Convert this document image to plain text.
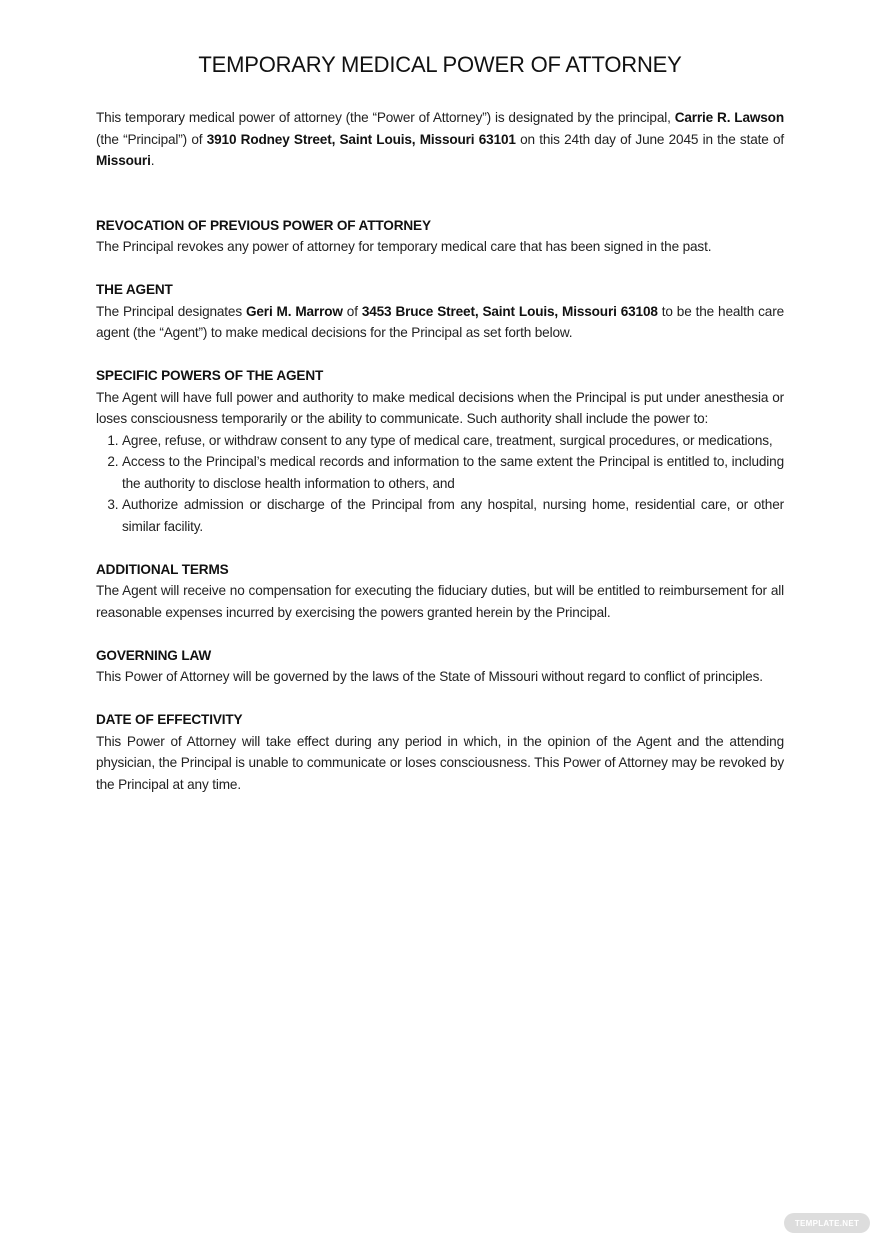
TEMPORARY MEDICAL POWER OF ATTORNEY

This temporary medical power of attorney (the “Power of Attorney”) is designated by the principal, Carrie R. Lawson (the “Principal”) of 3910 Rodney Street, Saint Louis, Missouri 63101 on this 24th day of June 2045 in the state of Missouri.

REVOCATION OF PREVIOUS POWER OF ATTORNEY

The Principal revokes any power of attorney for temporary medical care that has been signed in the past.

THE AGENT

The Principal designates Geri M. Marrow of 3453 Bruce Street, Saint Louis, Missouri 63108 to be the health care agent (the “Agent”) to make medical decisions for the Principal as set forth below.

SPECIFIC POWERS OF THE AGENT

The Agent will have full power and authority to make medical decisions when the Principal is put under anesthesia or loses consciousness temporarily or the ability to communicate. Such authority shall include the power to:

1. Agree, refuse, or withdraw consent to any type of medical care, treatment, surgical procedures, or medications,
2. Access to the Principal’s medical records and information to the same extent the Principal is entitled to, including the authority to disclose health information to others, and
3. Authorize admission or discharge of the Principal from any hospital, nursing home, residential care, or other similar facility.
ADDITIONAL TERMS

The Agent will receive no compensation for executing the fiduciary duties, but will be entitled to reimbursement for all reasonable expenses incurred by exercising the powers granted herein by the Principal.

GOVERNING LAW

This Power of Attorney will be governed by the laws of the State of Missouri without regard to conflict of principles.

DATE OF EFFECTIVITY

This Power of Attorney will take effect during any period in which, in the opinion of the Agent and the attending physician, the Principal is unable to communicate or loses consciousness. This Power of Attorney may be revoked by the Principal at any time.

TEMPLATE.NET
